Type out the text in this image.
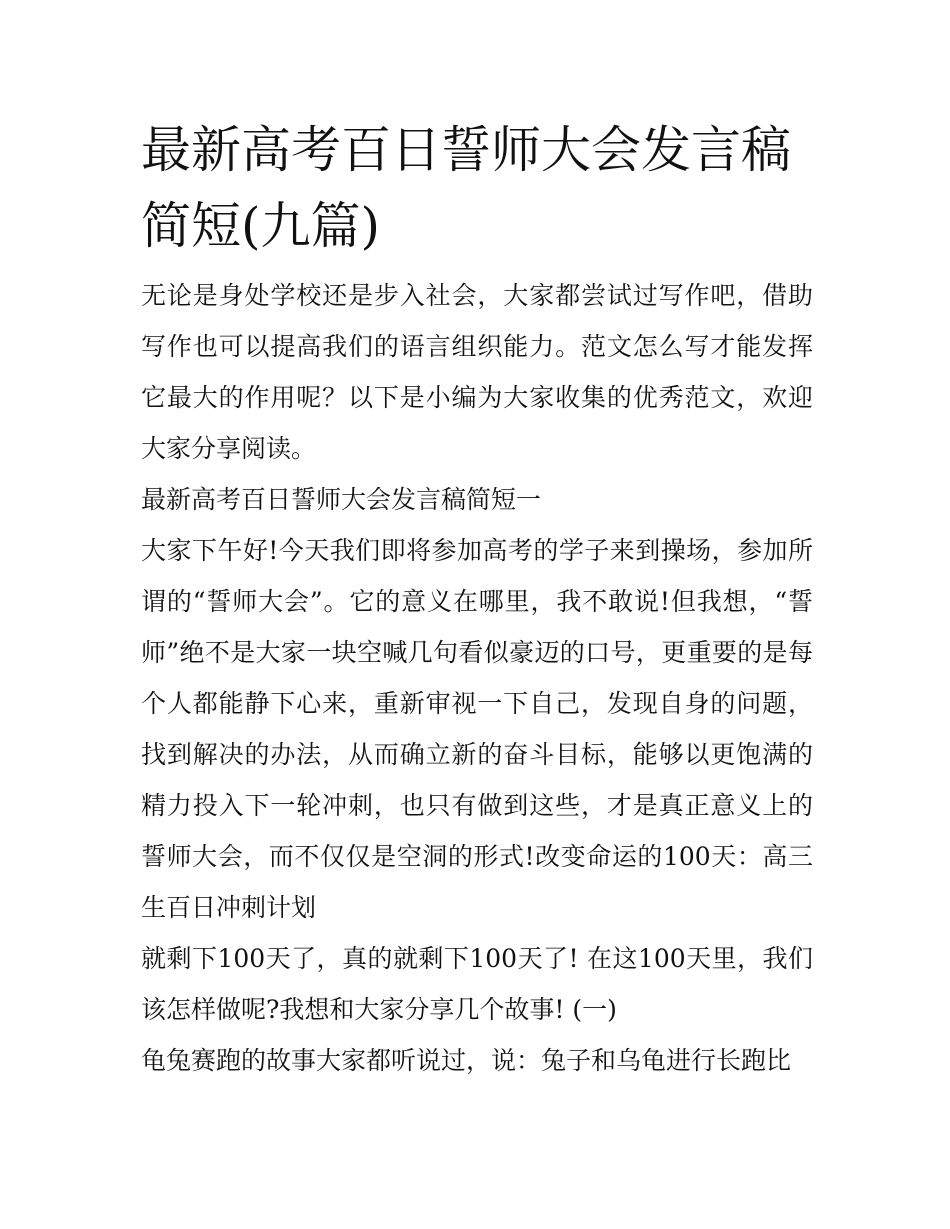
最新高考百日誓师大会发言稿简短(九篇)

无论是身处学校还是步入社会，大家都尝试过写作吧，借助写作也可以提高我们的语言组织能力。范文怎么写才能发挥它最大的作用呢？以下是小编为大家收集的优秀范文，欢迎大家分享阅读。

最新高考百日誓师大会发言稿简短一

大家下午好!今天我们即将参加高考的学子来到操场，参加所谓的“誓师大会”。它的意义在哪里，我不敢说!但我想，“誓师”绝不是大家一块空喊几句看似豪迈的口号，更重要的是每个人都能静下心来，重新审视一下自己，发现自身的问题，找到解决的办法，从而确立新的奋斗目标，能够以更饱满的精力投入下一轮冲刺，也只有做到这些，才是真正意义上的誓师大会，而不仅仅是空洞的形式!改变命运的100天：高三生百日冲刺计划

就剩下100天了，真的就剩下100天了! 在这100天里，我们该怎样做呢?我想和大家分享几个故事! (一)

龟兔赛跑的故事大家都听说过，说：兔子和乌龟进行长跑比
